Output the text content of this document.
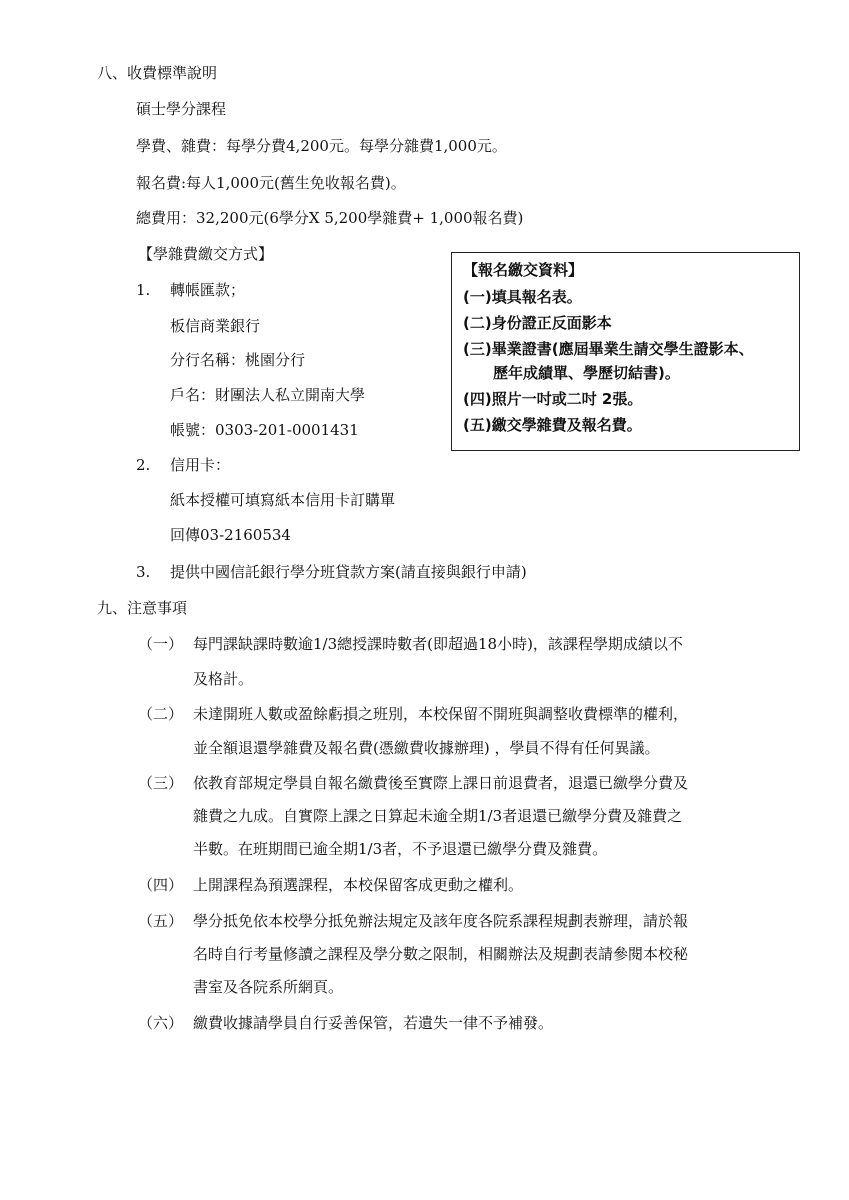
八、收費標準說明
碩士學分課程
學費、雜費：每學分費4,200元。每學分雜費1,000元。
報名費:每人1,000元(舊生免收報名費)。
總費用：32,200元(6學分X 5,200學雜費+ 1,000報名費)
【學雜費繳交方式】
1. 轉帳匯款；
板信商業銀行
分行名稱：桃園分行
戶名：財團法人私立開南大學
帳號：0303-201-0001431
2. 信用卡：
紙本授權可填寫紙本信用卡訂購單
回傳03-2160534
3. 提供中國信託銀行學分班貸款方案(請直接與銀行申請)
【報名繳交資料】
(一)填具報名表。
(二)身份證正反面影本
(三)畢業證書(應屆畢業生請交學生證影本、
歷年成績單、學歷切結書)。
(四)照片一吋或二吋 2張。
(五)繳交學雜費及報名費。
九、注意事項
（一） 每門課缺課時數逾1/3總授課時數者(即超過18小時)，該課程學期成績以不
及格計。
（二） 未達開班人數或盈餘虧損之班別，本校保留不開班與調整收費標準的權利，
並全額退還學雜費及報名費(憑繳費收據辦理) ，學員不得有任何異議。
（三） 依教育部規定學員自報名繳費後至實際上課日前退費者，退還已繳學分費及
雜費之九成。自實際上課之日算起未逾全期1/3者退還已繳學分費及雜費之
半數。在班期間已逾全期1/3者，不予退還已繳學分費及雜費。
（四） 上開課程為預選課程，本校保留客成更動之權利。
（五） 學分抵免依本校學分抵免辦法規定及該年度各院系課程規劃表辦理，請於報
名時自行考量修讀之課程及學分數之限制，相關辦法及規劃表請參閱本校秘
書室及各院系所網頁。
（六） 繳費收據請學員自行妥善保管，若遺失一律不予補發。
